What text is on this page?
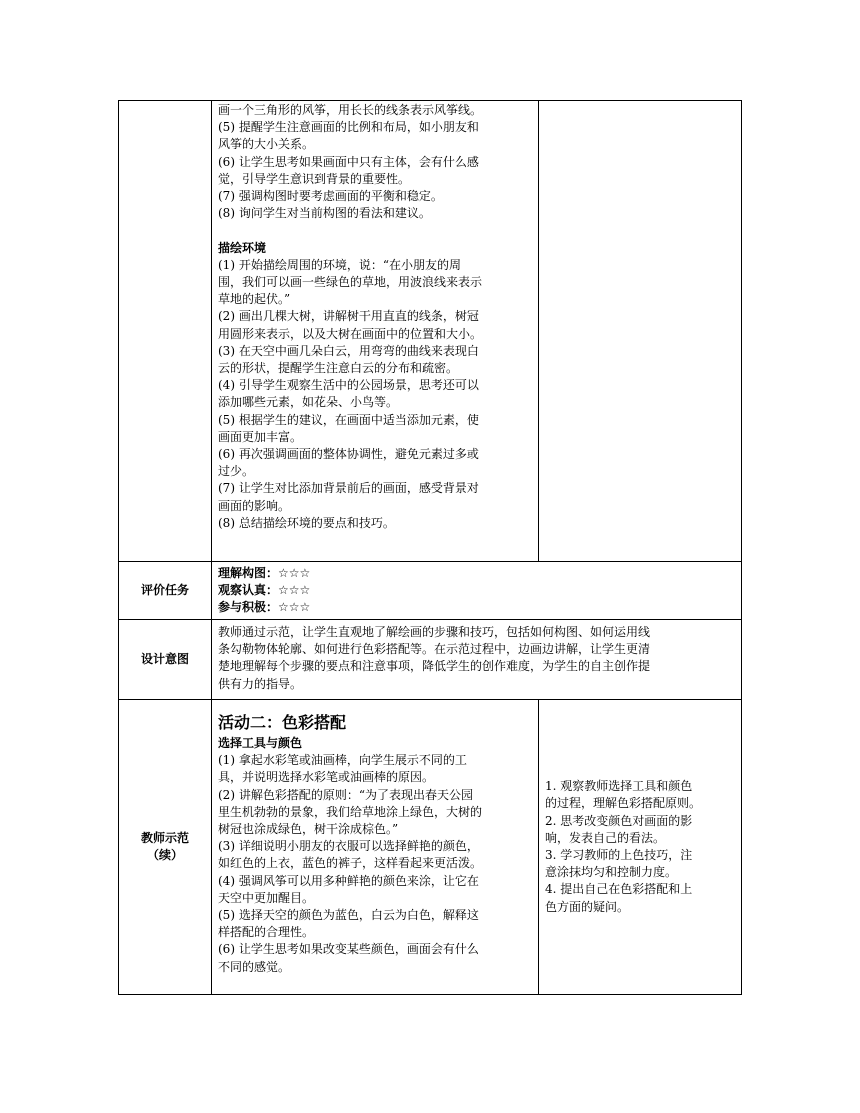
画一个三角形的风筝，用长长的线条表示风筝线。

(5) 提醒学生注意画面的比例和布局，如小朋友和

风筝的大小关系。

(6) 让学生思考如果画面中只有主体，会有什么感

觉，引导学生意识到背景的重要性。

(7) 强调构图时要考虑画面的平衡和稳定。

(8) 询问学生对当前构图的看法和建议。

描绘环境

(1) 开始描绘周围的环境，说：“在小朋友的周

围，我们可以画一些绿色的草地，用波浪线来表示

草地的起伏。”

(2) 画出几棵大树，讲解树干用直直的线条，树冠

用圆形来表示，以及大树在画面中的位置和大小。

(3) 在天空中画几朵白云，用弯弯的曲线来表现白

云的形状，提醒学生注意白云的分布和疏密。

(4) 引导学生观察生活中的公园场景，思考还可以

添加哪些元素，如花朵、小鸟等。

(5) 根据学生的建议，在画面中适当添加元素，使

画面更加丰富。

(6) 再次强调画面的整体协调性，避免元素过多或

过少。

(7) 让学生对比添加背景前后的画面，感受背景对

画面的影响。

(8) 总结描绘环境的要点和技巧。

评价任务

理解构图：☆☆☆

观察认真：☆☆☆

参与积极：☆☆☆

设计意图

教师通过示范，让学生直观地了解绘画的步骤和技巧，包括如何构图、如何运用线

条勾勒物体轮廓、如何进行色彩搭配等。在示范过程中，边画边讲解，让学生更清

楚地理解每个步骤的要点和注意事项，降低学生的创作难度，为学生的自主创作提

供有力的指导。

教师示范
（续）

活动二：色彩搭配

选择工具与颜色

(1) 拿起水彩笔或油画棒，向学生展示不同的工

具，并说明选择水彩笔或油画棒的原因。

(2) 讲解色彩搭配的原则：“为了表现出春天公园

里生机勃勃的景象，我们给草地涂上绿色，大树的

树冠也涂成绿色，树干涂成棕色。”

(3) 详细说明小朋友的衣服可以选择鲜艳的颜色，

如红色的上衣，蓝色的裤子，这样看起来更活泼。

(4) 强调风筝可以用多种鲜艳的颜色来涂，让它在

天空中更加醒目。

(5) 选择天空的颜色为蓝色，白云为白色，解释这

样搭配的合理性。

(6) 让学生思考如果改变某些颜色，画面会有什么

不同的感觉。

1. 观察教师选择工具和颜色

的过程，理解色彩搭配原则。

2. 思考改变颜色对画面的影

响，发表自己的看法。

3. 学习教师的上色技巧，注

意涂抹均匀和控制力度。

4. 提出自己在色彩搭配和上

色方面的疑问。
